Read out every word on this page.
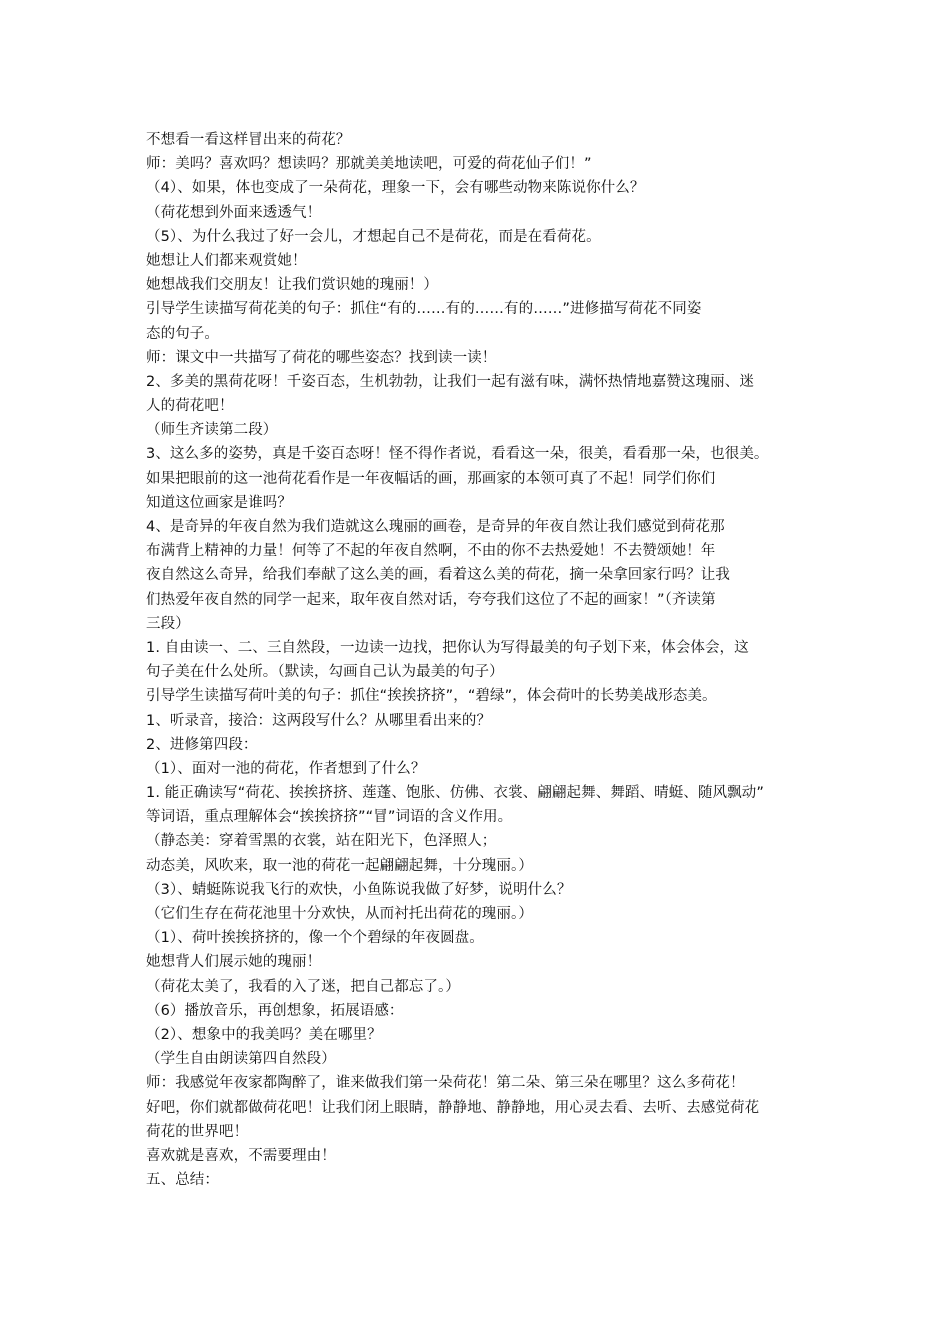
不想看一看这样冒出来的荷花？
师：美吗？喜欢吗？想读吗？那就美美地读吧，可爱的荷花仙子们！”
（4）、如果，体也变成了一朵荷花，理象一下，会有哪些动物来陈说你什么？
（荷花想到外面来透透气！
（5）、为什么我过了好一会儿，才想起自己不是荷花，而是在看荷花。
她想让人们都来观赏她！
她想战我们交朋友！让我们赏识她的瑰丽！）
引导学生读描写荷花美的句子：抓住“有的……有的……有的……”进修描写荷花不同姿
态的句子。
师：课文中一共描写了荷花的哪些姿态？找到读一读！
2、多美的黑荷花呀！千姿百态，生机勃勃，让我们一起有滋有味，满怀热情地嘉赞这瑰丽、迷
人的荷花吧！
（师生齐读第二段）
3、这么多的姿势，真是千姿百态呀！怪不得作者说，看看这一朵，很美，看看那一朵，也很美。
如果把眼前的这一池荷花看作是一年夜幅话的画，那画家的本领可真了不起！同学们你们
知道这位画家是谁吗？
4、是奇异的年夜自然为我们造就这么瑰丽的画卷，是奇异的年夜自然让我们感觉到荷花那
布满背上精神的力量！何等了不起的年夜自然啊，不由的你不去热爱她！不去赞颂她！年
夜自然这么奇异，给我们奉献了这么美的画，看着这么美的荷花，摘一朵拿回家行吗？让我
们热爱年夜自然的同学一起来，取年夜自然对话，夸夸我们这位了不起的画家！”（齐读第
三段）
1. 自由读一、二、三自然段，一边读一边找，把你认为写得最美的句子划下来，体会体会，这
句子美在什么处所。（默读，勾画自己认为最美的句子）
引导学生读描写荷叶美的句子：抓住“挨挨挤挤”，“碧绿”，体会荷叶的长势美战形态美。
1、听录音，接洽：这两段写什么？从哪里看出来的？
2、进修第四段：
（1）、面对一池的荷花，作者想到了什么？
1. 能正确读写“荷花、挨挨挤挤、莲蓬、饱胀、仿佛、衣裳、翩翩起舞、舞蹈、晴蜓、随风飘动”
等词语，重点理解体会“挨挨挤挤”“冒”词语的含义作用。
（静态美：穿着雪黑的衣裳，站在阳光下，色泽照人；
动态美，风吹来，取一池的荷花一起翩翩起舞，十分瑰丽。）
（3）、蜻蜓陈说我飞行的欢快，小鱼陈说我做了好梦，说明什么？
（它们生存在荷花池里十分欢快，从而衬托出荷花的瑰丽。）
（1）、荷叶挨挨挤挤的，像一个个碧绿的年夜圆盘。
她想背人们展示她的瑰丽！
（荷花太美了，我看的入了迷，把自己都忘了。）
（6）播放音乐，再创想象，拓展语感：
（2）、想象中的我美吗？美在哪里？
（学生自由朗读第四自然段）
师：我感觉年夜家都陶醉了，谁来做我们第一朵荷花！第二朵、第三朵在哪里？这么多荷花！
好吧，你们就都做荷花吧！让我们闭上眼睛，静静地、静静地，用心灵去看、去听、去感觉荷花
荷花的世界吧！
喜欢就是喜欢，不需要理由！
五、总结：
